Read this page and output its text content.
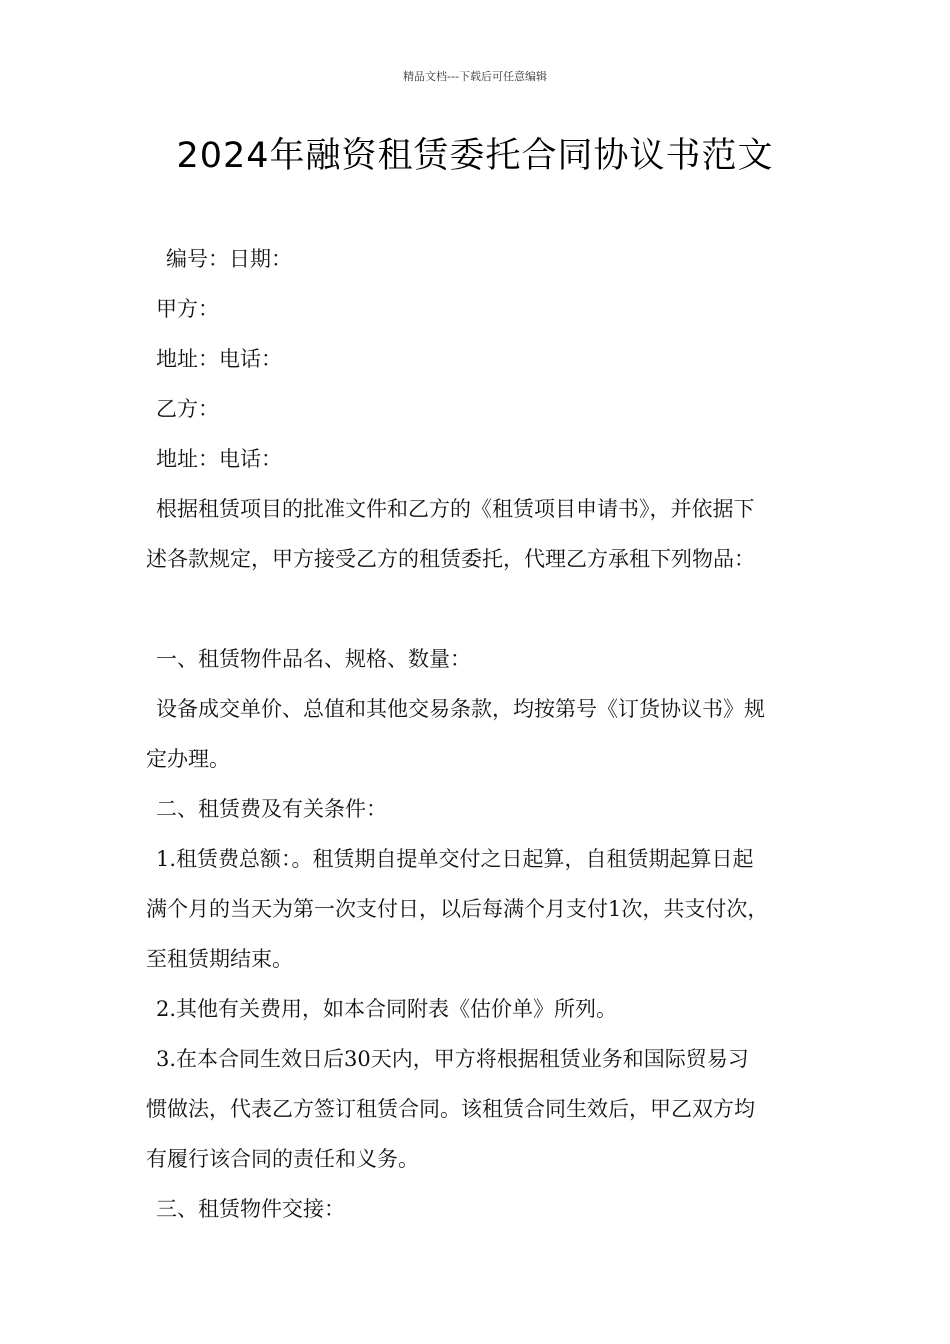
精品文档---下载后可任意编辑
2024年融资租赁委托合同协议书范文

编号：日期：

甲方：

地址：电话：

乙方：

地址：电话：

根据租赁项目的批准文件和乙方的《租赁项目申请书》，并依据下

述各款规定，甲方接受乙方的租赁委托，代理乙方承租下列物品：

一、租赁物件品名、规格、数量：

设备成交单价、总值和其他交易条款，均按第号《订货协议书》规

定办理。

二、租赁费及有关条件：

1.租赁费总额：。租赁期自提单交付之日起算，自租赁期起算日起

满个月的当天为第一次支付日，以后每满个月支付1次，共支付次，

至租赁期结束。

2.其他有关费用，如本合同附表《估价单》所列。

3.在本合同生效日后30天内，甲方将根据租赁业务和国际贸易习

惯做法，代表乙方签订租赁合同。该租赁合同生效后，甲乙双方均

有履行该合同的责任和义务。

三、租赁物件交接：
